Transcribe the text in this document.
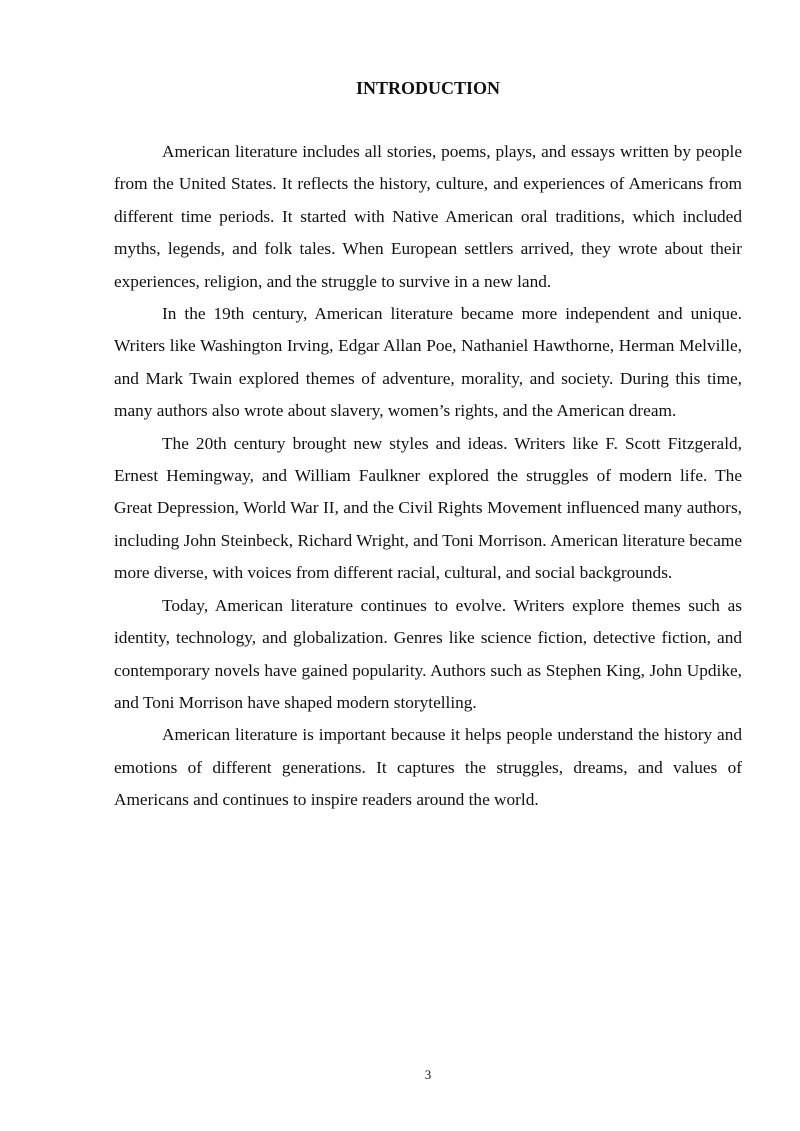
INTRODUCTION

American literature includes all stories, poems, plays, and essays written by people from the United States. It reflects the history, culture, and experiences of Americans from different time periods. It started with Native American oral traditions, which included myths, legends, and folk tales. When European settlers arrived, they wrote about their experiences, religion, and the struggle to survive in a new land.

In the 19th century, American literature became more independent and unique. Writers like Washington Irving, Edgar Allan Poe, Nathaniel Hawthorne, Herman Melville, and Mark Twain explored themes of adventure, morality, and society. During this time, many authors also wrote about slavery, women’s rights, and the American dream.

The 20th century brought new styles and ideas. Writers like F. Scott Fitzgerald, Ernest Hemingway, and William Faulkner explored the struggles of modern life. The Great Depression, World War II, and the Civil Rights Movement influenced many authors, including John Steinbeck, Richard Wright, and Toni Morrison. American literature became more diverse, with voices from different racial, cultural, and social backgrounds.

Today, American literature continues to evolve. Writers explore themes such as identity, technology, and globalization. Genres like science fiction, detective fiction, and contemporary novels have gained popularity. Authors such as Stephen King, John Updike, and Toni Morrison have shaped modern storytelling.

American literature is important because it helps people understand the history and emotions of different generations. It captures the struggles, dreams, and values of Americans and continues to inspire readers around the world.

3
